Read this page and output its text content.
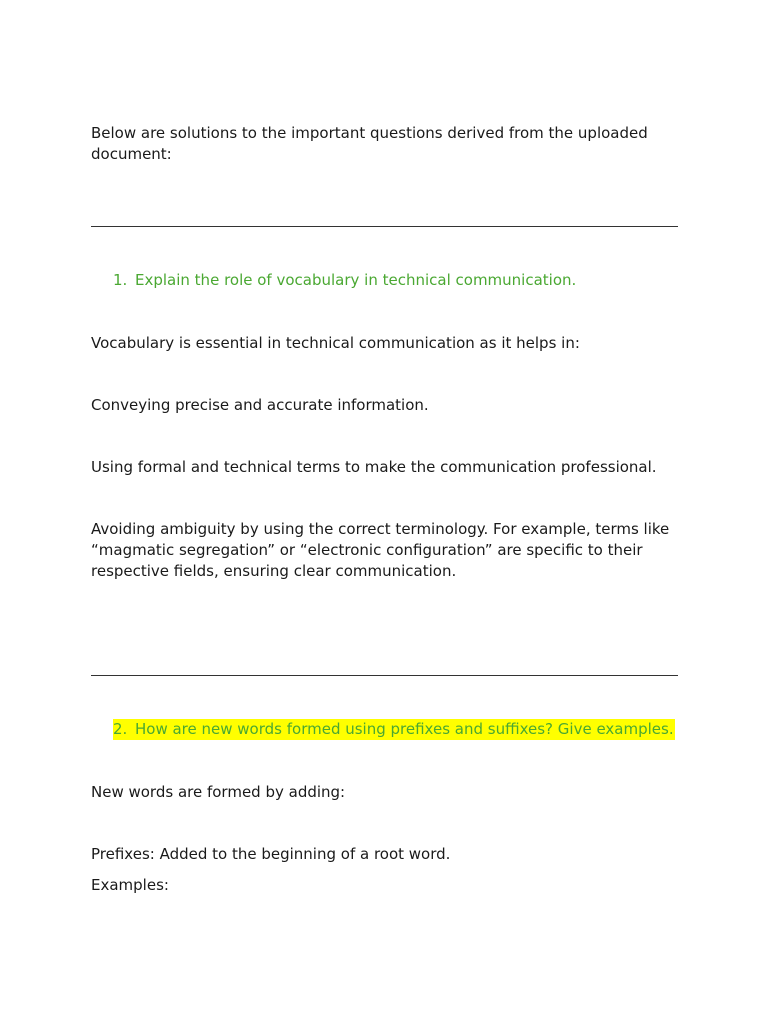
Below are solutions to the important questions derived from the uploaded document:

1. Explain the role of vocabulary in technical communication.

Vocabulary is essential in technical communication as it helps in:

Conveying precise and accurate information.

Using formal and technical terms to make the communication professional.

Avoiding ambiguity by using the correct terminology. For example, terms like “magmatic segregation” or “electronic configuration” are specific to their respective fields, ensuring clear communication.

2. How are new words formed using prefixes and suffixes? Give examples.

New words are formed by adding:

Prefixes: Added to the beginning of a root word.

Examples:
